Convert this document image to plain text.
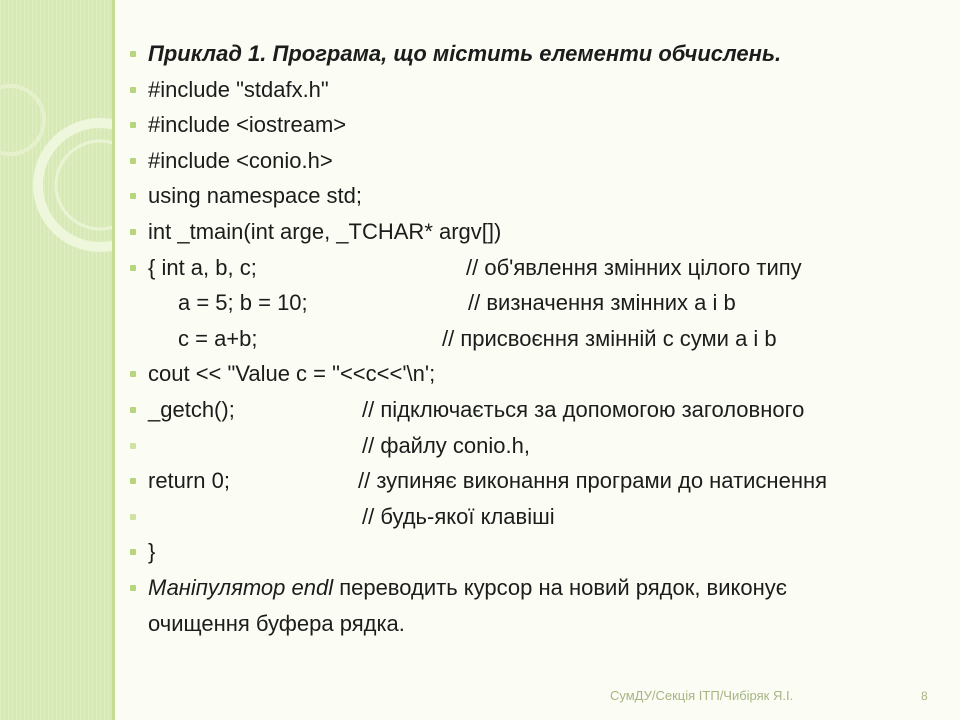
Приклад 1. Програма, що містить елементи обчислень.
#include "stdafx.h"
#include <iostream>
#include <conio.h>
using namespace std;
int _tmain(int arge, _TCHAR* argv[])
{ int a, b, c;	// об'явлення змінних цілого типу
a = 5; b = 10;	// визначення змінних a і b
c = a+b;	// присвоєння змінній c суми a і b
cout << "Value c = "<<c<<'\n';
_getch();	// підключається за допомогою заголовного
// файлу conio.h,
return 0;	// зупиняє виконання програми до натиснення
// будь-якої клавіші
}
Маніпулятор endl переводить курсор на новий рядок, виконує
очищення буфера рядка.
СумДУ/Секція ІТП/Чибіряк Я.І.	8
